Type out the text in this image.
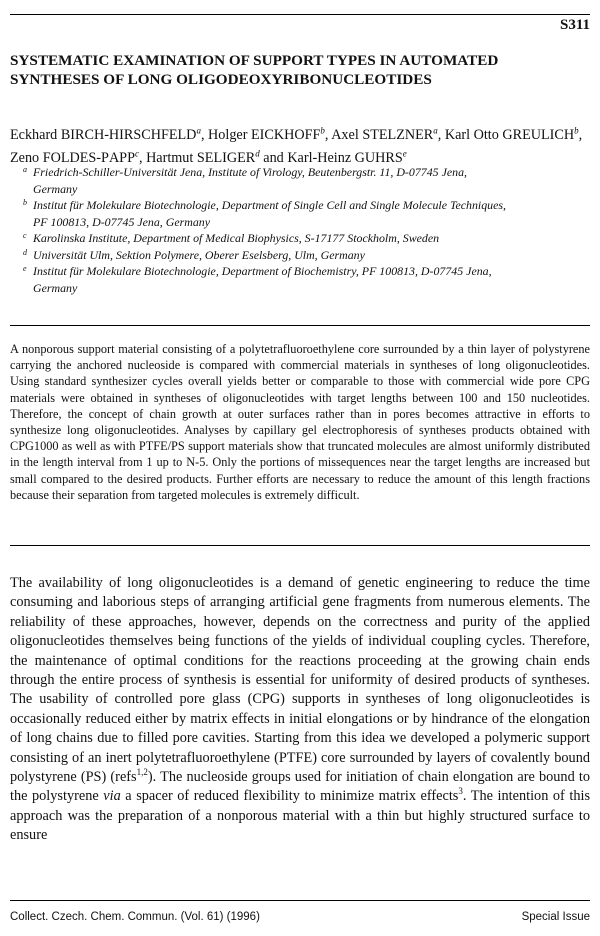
S311
SYSTEMATIC EXAMINATION OF SUPPORT TYPES IN AUTOMATED
SYNTHESES OF LONG OLIGODEOXYRIBONUCLEOTIDES
Eckhard BIRCH-HIRSCHFELD$^a$, Holger EICKHOFF$^b$, Axel STELZNER$^a$, Karl Otto GREULICH$^b$,
Zeno FOLDES-PAPP$^c$, Hartmut SELIGER$^d$ and Karl-Heinz GUHRS$^e$
a Friedrich-Schiller-Universität Jena, Institute of Virology, Beutenbergstr. 11, D-07745 Jena,
Germany
b Institut für Molekulare Biotechnologie, Department of Single Cell and Single Molecule Techniques,
PF 100813, D-07745 Jena, Germany
c Karolinska Institute, Department of Medical Biophysics, S-17177 Stockholm, Sweden
d Universität Ulm, Sektion Polymere, Oberer Eselsberg, Ulm, Germany
e Institut für Molekulare Biotechnologie, Department of Biochemistry, PF 100813, D-07745 Jena,
Germany
A nonporous support material consisting of a polytetrafluoroethylene core surrounded by a thin layer of polystyrene carrying the anchored nucleoside is compared with commercial materials in syntheses of long oligonucleotides. Using standard synthesizer cycles overall yields better or comparable to those with commercial wide pore CPG materials were obtained in syntheses of oligonucleotides with target lengths between 100 and 150 nucleotides. Therefore, the concept of chain growth at outer surfaces rather than in pores becomes attractive in efforts to synthesize long oligonucleotides. Analyses by capillary gel electrophoresis of syntheses products obtained with CPG1000 as well as with PTFE/PS support materials show that truncated molecules are almost uniformly distributed in the length interval from 1 up to N-5. Only the portions of missequences near the target lengths are increased but small compared to the desired products. Further efforts are necessary to reduce the amount of this length fractions because their separation from targeted molecules is extremely difficult.
The availability of long oligonucleotides is a demand of genetic engineering to reduce the time consuming and laborious steps of arranging artificial gene fragments from numerous elements. The reliability of these approaches, however, depends on the correctness and purity of the applied oligonucleotides themselves being functions of the yields of individual coupling cycles. Therefore, the maintenance of optimal conditions for the reactions proceeding at the growing chain ends through the entire process of synthesis is essential for uniformity of desired products of syntheses. The usability of controlled pore glass (CPG) supports in syntheses of long oligonucleotides is occasionally reduced either by matrix effects in initial elongations or by hindrance of the elongation of long chains due to filled pore cavities. Starting from this idea we developed a polymeric support consisting of an inert polytetrafluoroethylene (PTFE) core surrounded by layers of covalently bound polystyrene (PS) (refs$^{1,2}$). The nucleoside groups used for initiation of chain elongation are bound to the polystyrene via a spacer of reduced flexibility to minimize matrix effects$^3$. The intention of this approach was the preparation of a nonporous material with a thin but highly structured surface to ensure
Collect. Czech. Chem. Commun. (Vol. 61) (1996)	Special Issue
